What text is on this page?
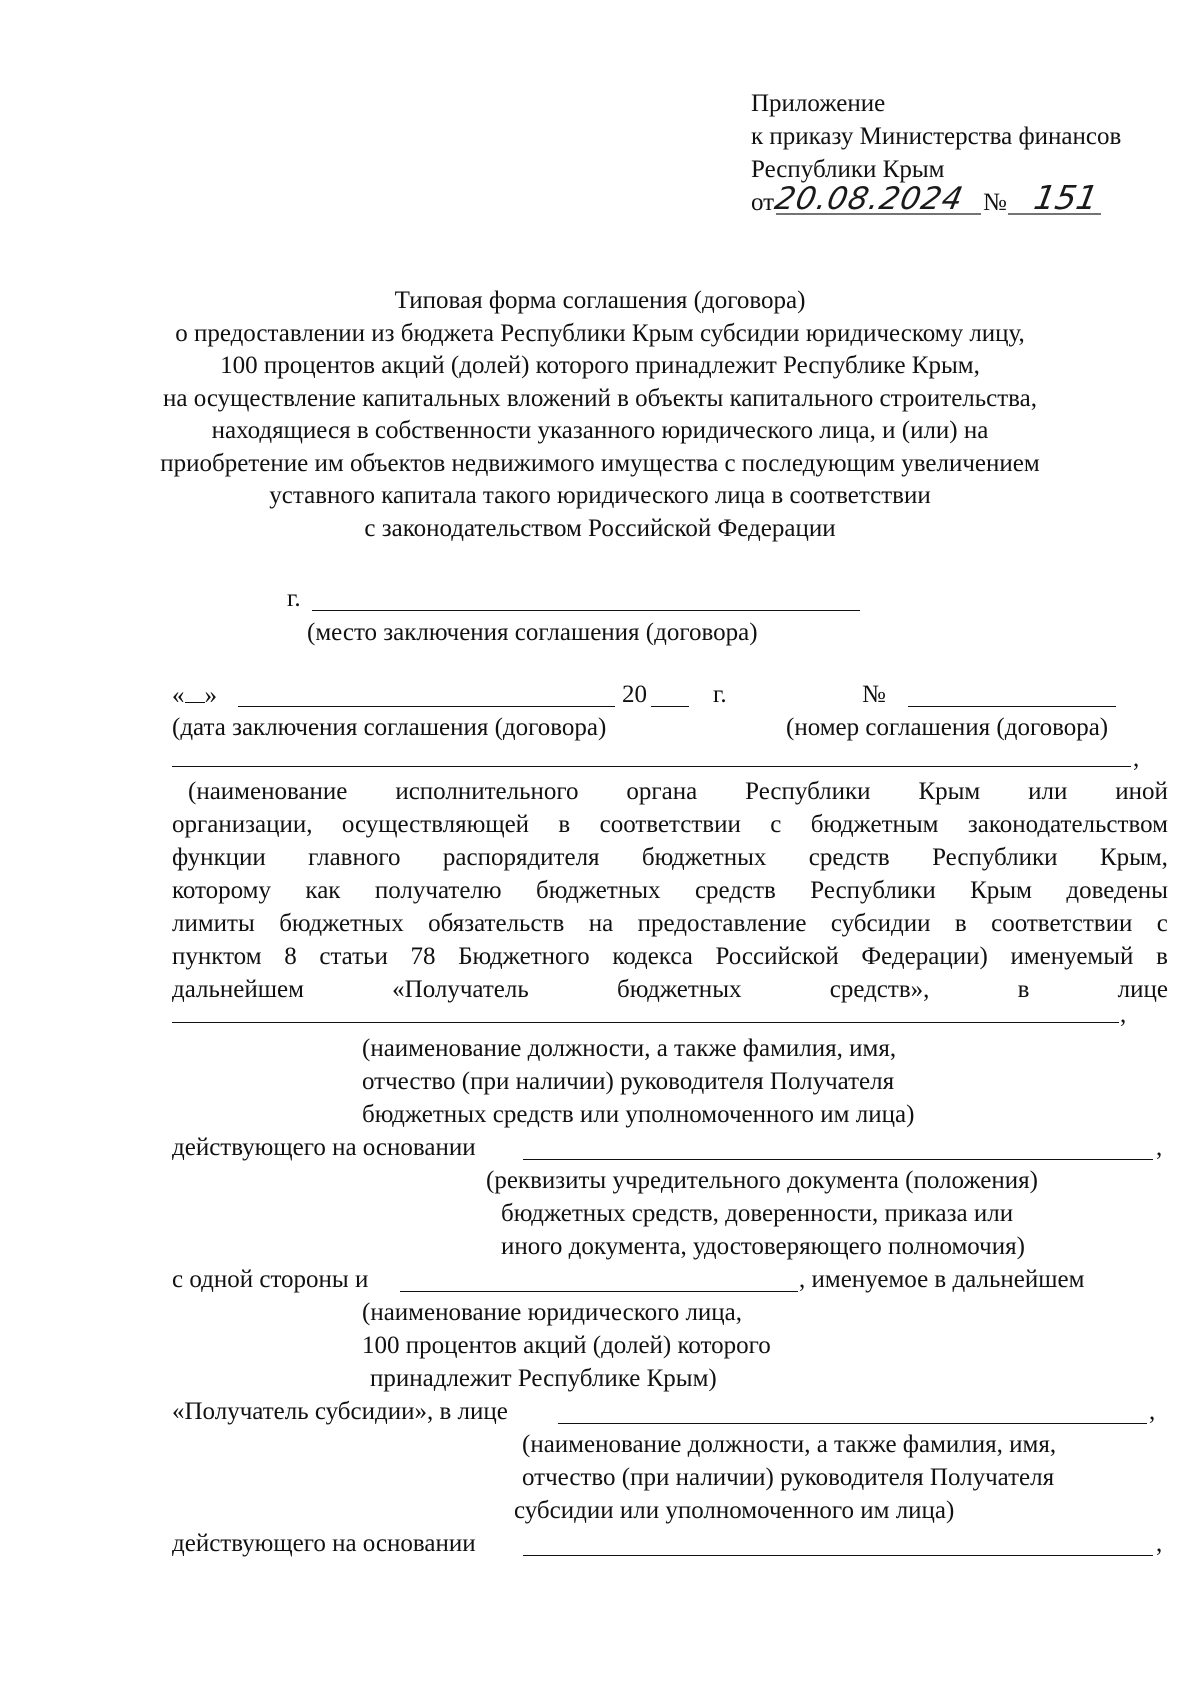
Приложение
к приказу Министерства финансов
Республики Крым
от
20.08.2024 151
№
Типовая форма соглашения (договора)
о предоставлении из бюджета Республики Крым субсидии юридическому лицу,
100 процентов акций (долей) которого принадлежит Республике Крым,
на осуществление капитальных вложений в объекты капитального строительства,
находящиеся в собственности указанного юридического лица, и (или) на
приобретение им объектов недвижимого имущества с последующим увеличением
уставного капитала такого юридического лица в соответствии
с законодательством Российской Федерации
г.
(место заключения соглашения (договора)
« »	20	г.	№
(дата заключения соглашения (договора)	(номер соглашения (договора)
,
(наименование исполнительного органа Республики Крым или иной
организации, осуществляющей в соответствии с бюджетным законодательством
функции главного распорядителя бюджетных средств Республики Крым,
которому как получателю бюджетных средств Республики Крым доведены
лимиты бюджетных обязательств на предоставление субсидии в соответствии с
пунктом 8 статьи 78 Бюджетного кодекса Российской Федерации) именуемый в
дальнейшем	«Получатель	бюджетных	средств»,	в	лице
,
(наименование должности, а также фамилия, имя,
отчество (при наличии) руководителя Получателя
бюджетных средств или уполномоченного им лица)
действующего на основании	,
(реквизиты учредительного документа (положения)
бюджетных средств, доверенности, приказа или
иного документа, удостоверяющего полномочия)
с одной стороны и	, именуемое в дальнейшем
(наименование юридического лица,
100 процентов акций (долей) которого
принадлежит Республике Крым)
«Получатель субсидии», в лице	,
(наименование должности, а также фамилия, имя,
отчество (при наличии) руководителя Получателя
субсидии или уполномоченного им лица)
действующего на основании	,
